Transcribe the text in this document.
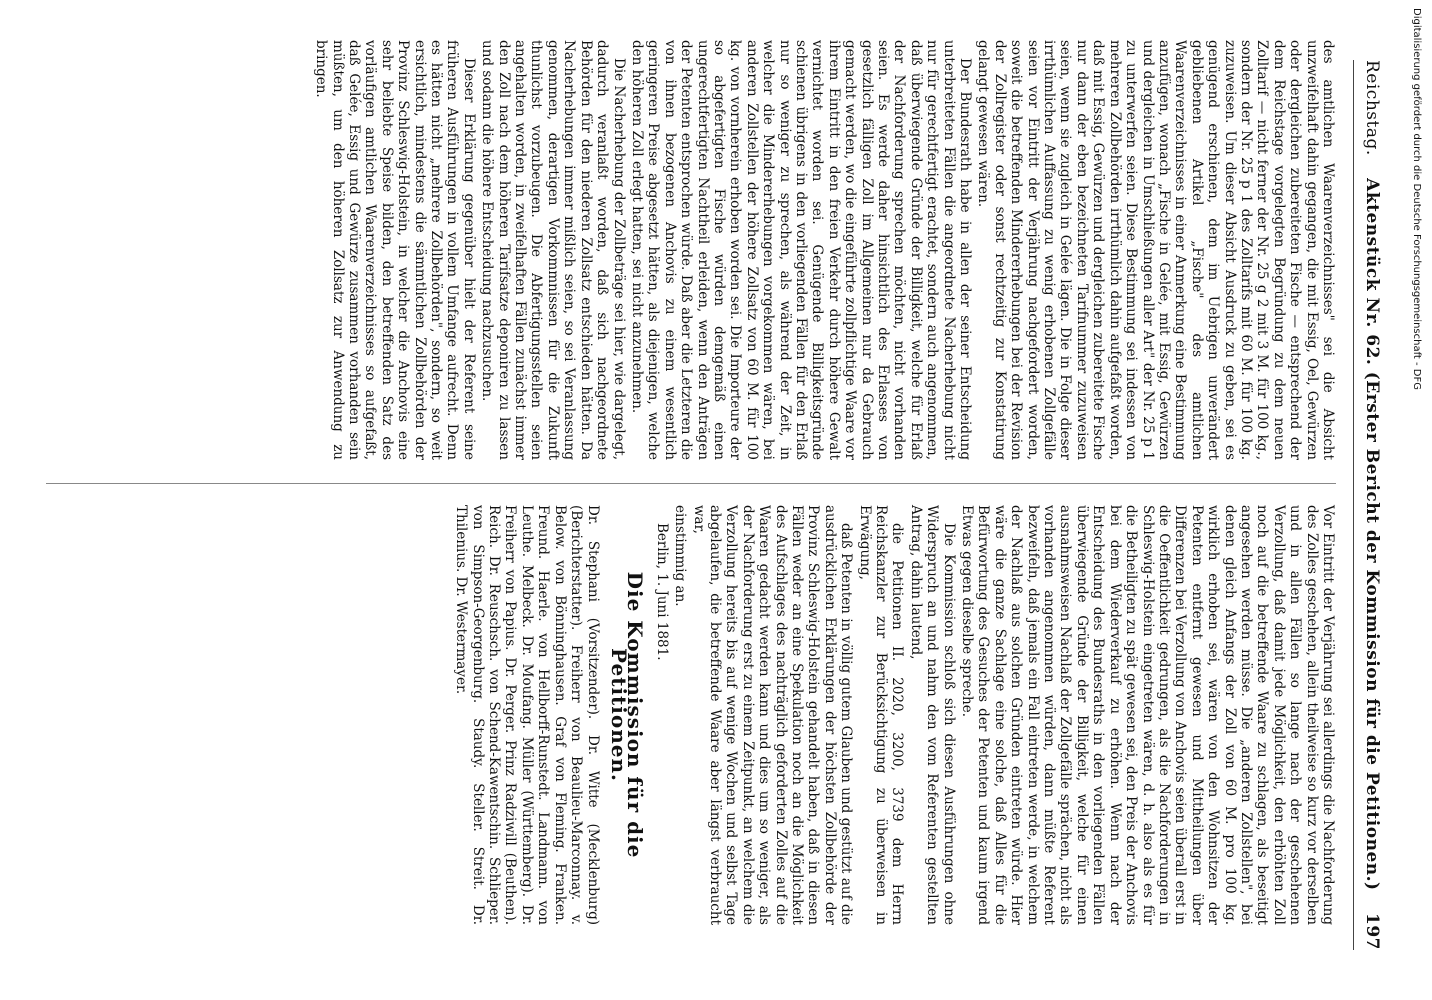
Reichstag.
Aktenstück Nr. 62. (Erster Bericht der Kommission für die Petitionen.)
197

des amtlichen Waarenverzeichnisses" sei die Absicht unzweifelhaft dahin gegangen, die mit Essig, Oel, Gewürzen oder dergleichen zubereiteten Fische — entsprechend der dem Reichstage vorgelegten Begründung zu dem neuen Zolltarif — nicht ferner der Nr. 25 g 2 mit 3 M. für 100 kg., sondern der Nr. 25 p 1 des Zolltarifs mit 60 M. für 100 kg. zuzuweisen. Um dieser Absicht Ausdruck zu geben, sei es genügend erschienen, dem im Uebrigen unverändert gebliebenen Artikel „Fische" des amtlichen Waarenverzeichnisses in einer Anmerkung eine Bestimmung anzufügen, wonach „Fische in Gelée, mit Essig, Gewürzen und dergleichen in Umschließungen aller Art" der Nr. 25 p 1 zu unterwerfen seien. Diese Bestimmung sei indessen von mehreren Zollbehörden irrthümlich dahin aufgefaßt worden, daß mit Essig, Gewürzen und dergleichen zubereitete Fische nur dann der eben bezeichneten Tarifnummer zuzuweisen seien, wenn sie zugleich in Gelée lägen. Die in Folge dieser irrthümlichen Auffassung zu wenig erhobenen Zollgefälle seien vor Eintritt der Verjährung nachgefordert worden, soweit die betreffenden Mindererhebungen bei der Revision der Zollregister oder sonst rechtzeitig zur Konstatirung gelangt gewesen wären.

Der Bundesrath habe in allen der seiner Entscheidung unterbreiteten Fällen die angeordnete Nacherhebung nicht nur für gerechtfertigt erachtet, sondern auch angenommen, daß überwiegende Gründe der Billigkeit, welche für Erlaß der Nachforderung sprechen möchten, nicht vorhanden seien. Es werde daher hinsichtlich des Erlasses von gesetzlich fälligen Zoll im Allgemeinen nur da Gebrauch gemacht werden, wo die eingeführte zollpflichtige Waare vor ihrem Eintritt in den freien Verkehr durch höhere Gewalt vernichtet worden sei. Genügende Billigkeitsgründe schienen übrigens in den vorliegenden Fällen für den Erlaß nur so weniger zu sprechen, als während der Zeit, in welcher die Mindererhebungen vorgekommen wären, bei anderen Zollstellen der höhere Zollsatz von 60 M. für 100 kg. von vornherein erhoben worden sei. Die Importeure der so abgefertigten Fische würden demgemäß einen ungerechtfertigten Nachtheil erleiden, wenn den Anträgen der Petenten entsprochen würde. Daß aber die Letzteren die von ihnen bezogenen Anchovis zu einem wesentlich geringeren Preise abgesetzt hätten, als diejenigen, welche den höheren Zoll erlegt hatten, sei nicht anzunehmen.

Die Nacherhebung der Zollbeträge sei hier, wie dargelegt, dadurch veranlaßt worden, daß sich nachgeordnete Behörden für den niederen Zollsatz entschieden hätten. Da Nacherhebungen immer mißlich seien, so sei Veranlassung genommen, derartigen Vorkommnissen für die Zukunft thunlichst vorzubeugen. Die Abfertigungsstellen seien angehalten worden, in zweifelhaften Fällen zunächst immer den Zoll nach dem höheren Tarifsatze deponiren zu lassen und sodann die höhere Entscheidung nachzusuchen.

Dieser Erklärung gegenüber hielt der Referent seine früheren Ausführungen in vollem Umfange aufrecht. Denn es hätten nicht „mehrere Zollbehörden", sondern, so weit ersichtlich, mindestens die sämmtlichen Zollbehörden der Provinz Schleswig-Holstein, in welcher die Anchovis eine sehr beliebte Speise bilden, den betreffenden Satz des vorläufigen amtlichen Waarenverzeichnisses so aufgefaßt, daß Gelée, Essig und Gewürze zusammen vorhanden sein müßten, um den höheren Zollsatz zur Anwendung zu bringen.

Vor Eintritt der Verjährung sei allerdings die Nachforderung des Zolles geschehen, allein theilweise so kurz vor derselben und in allen Fällen so lange nach der geschehenen Verzollung, daß damit jede Möglichkeit, den erhöhten Zoll noch auf die betreffende Waare zu schlagen, als beseitigt angesehen werden müsse. Die „anderen Zollstellen", bei denen gleich Anfangs der Zoll von 60 M. pro 100 kg. wirklich erhoben sei, wären von den Wohnsitzen der Petenten entfernt gewesen und Mittheilungen über Differenzen bei Verzollung von Anchovis seien überall erst in die Oeffentlichkeit gedrungen, als die Nachforderungen in Schleswig-Holstein eingetreten wären, d. h. also als es für die Betheiligten zu spät gewesen sei, den Preis der Anchovis bei dem Wiederverkauf zu erhöhen. Wenn nach der Entscheidung des Bundesraths in den vorliegenden Fällen überwiegende Gründe der Billigkeit, welche für einen ausnahmsweisen Nachlaß der Zollgefälle sprächen, nicht als vorhanden angenommen würden, dann müßte Referent bezweifeln, daß jemals ein Fall eintreten werde, in welchem der Nachlaß aus solchen Gründen eintreten würde. Hier wäre die ganze Sachlage eine solche, daß Alles für die Befürwortung des Gesuches der Petenten und kaum irgend Etwas gegen dieselbe spreche.

Die Kommission schloß sich diesen Ausführungen ohne Widerspruch an und nahm den vom Referenten gestellten Antrag, dahin lautend,

die Petitionen II. 2020, 3200, 3739 dem Herrn Reichskanzler zur Berücksichtigung zu überweisen in Erwägung,

daß Petenten in völlig gutem Glauben und gestützt auf die ausdrücklichen Erklärungen der höchsten Zollbehörde der Provinz Schleswig-Holstein gehandelt haben, daß in diesen Fällen weder an eine Spekulation noch an die Möglichkeit des Aufschlages des nachträglich geforderten Zolles auf die Waaren gedacht werden kann und dies um so weniger, als der Nachforderung erst zu einem Zeitpunkt, an welchem die Verzollung hereits bis auf wenige Wochen und selbst Tage abgelaufen, die betreffende Waare aber längst verbraucht war,

einstimmig an.

Berlin, 1. Juni 1881.

Die Kommission für die Petitionen.

Dr. Stephani (Vorsitzender). Dr. Witte (Mecklenburg) (Berichterstatter). Freiherr von Beaulieu-Marconnay. v. Below. von Bönninghausen. Graf von Fleming. Franken. Freund. Haerle. von Hellborff-Runstedt. Landmann. von Leuthe. Melbeck. Dr. Moufang. Müller (Württemberg). Dr. Freiherr von Papius. Dr. Perger. Prinz Radziwill (Beuthen). Reich. Dr. Reuschsch. von Schend-Kawentschin. Schlieper. von Simpson-Georgenburg. Staudy. Steller. Streit. Dr. Thilenius. Dr. Westermayer.

Digitalisierung gefördert durch die Deutsche Forschungsgemeinschaft - DFG
